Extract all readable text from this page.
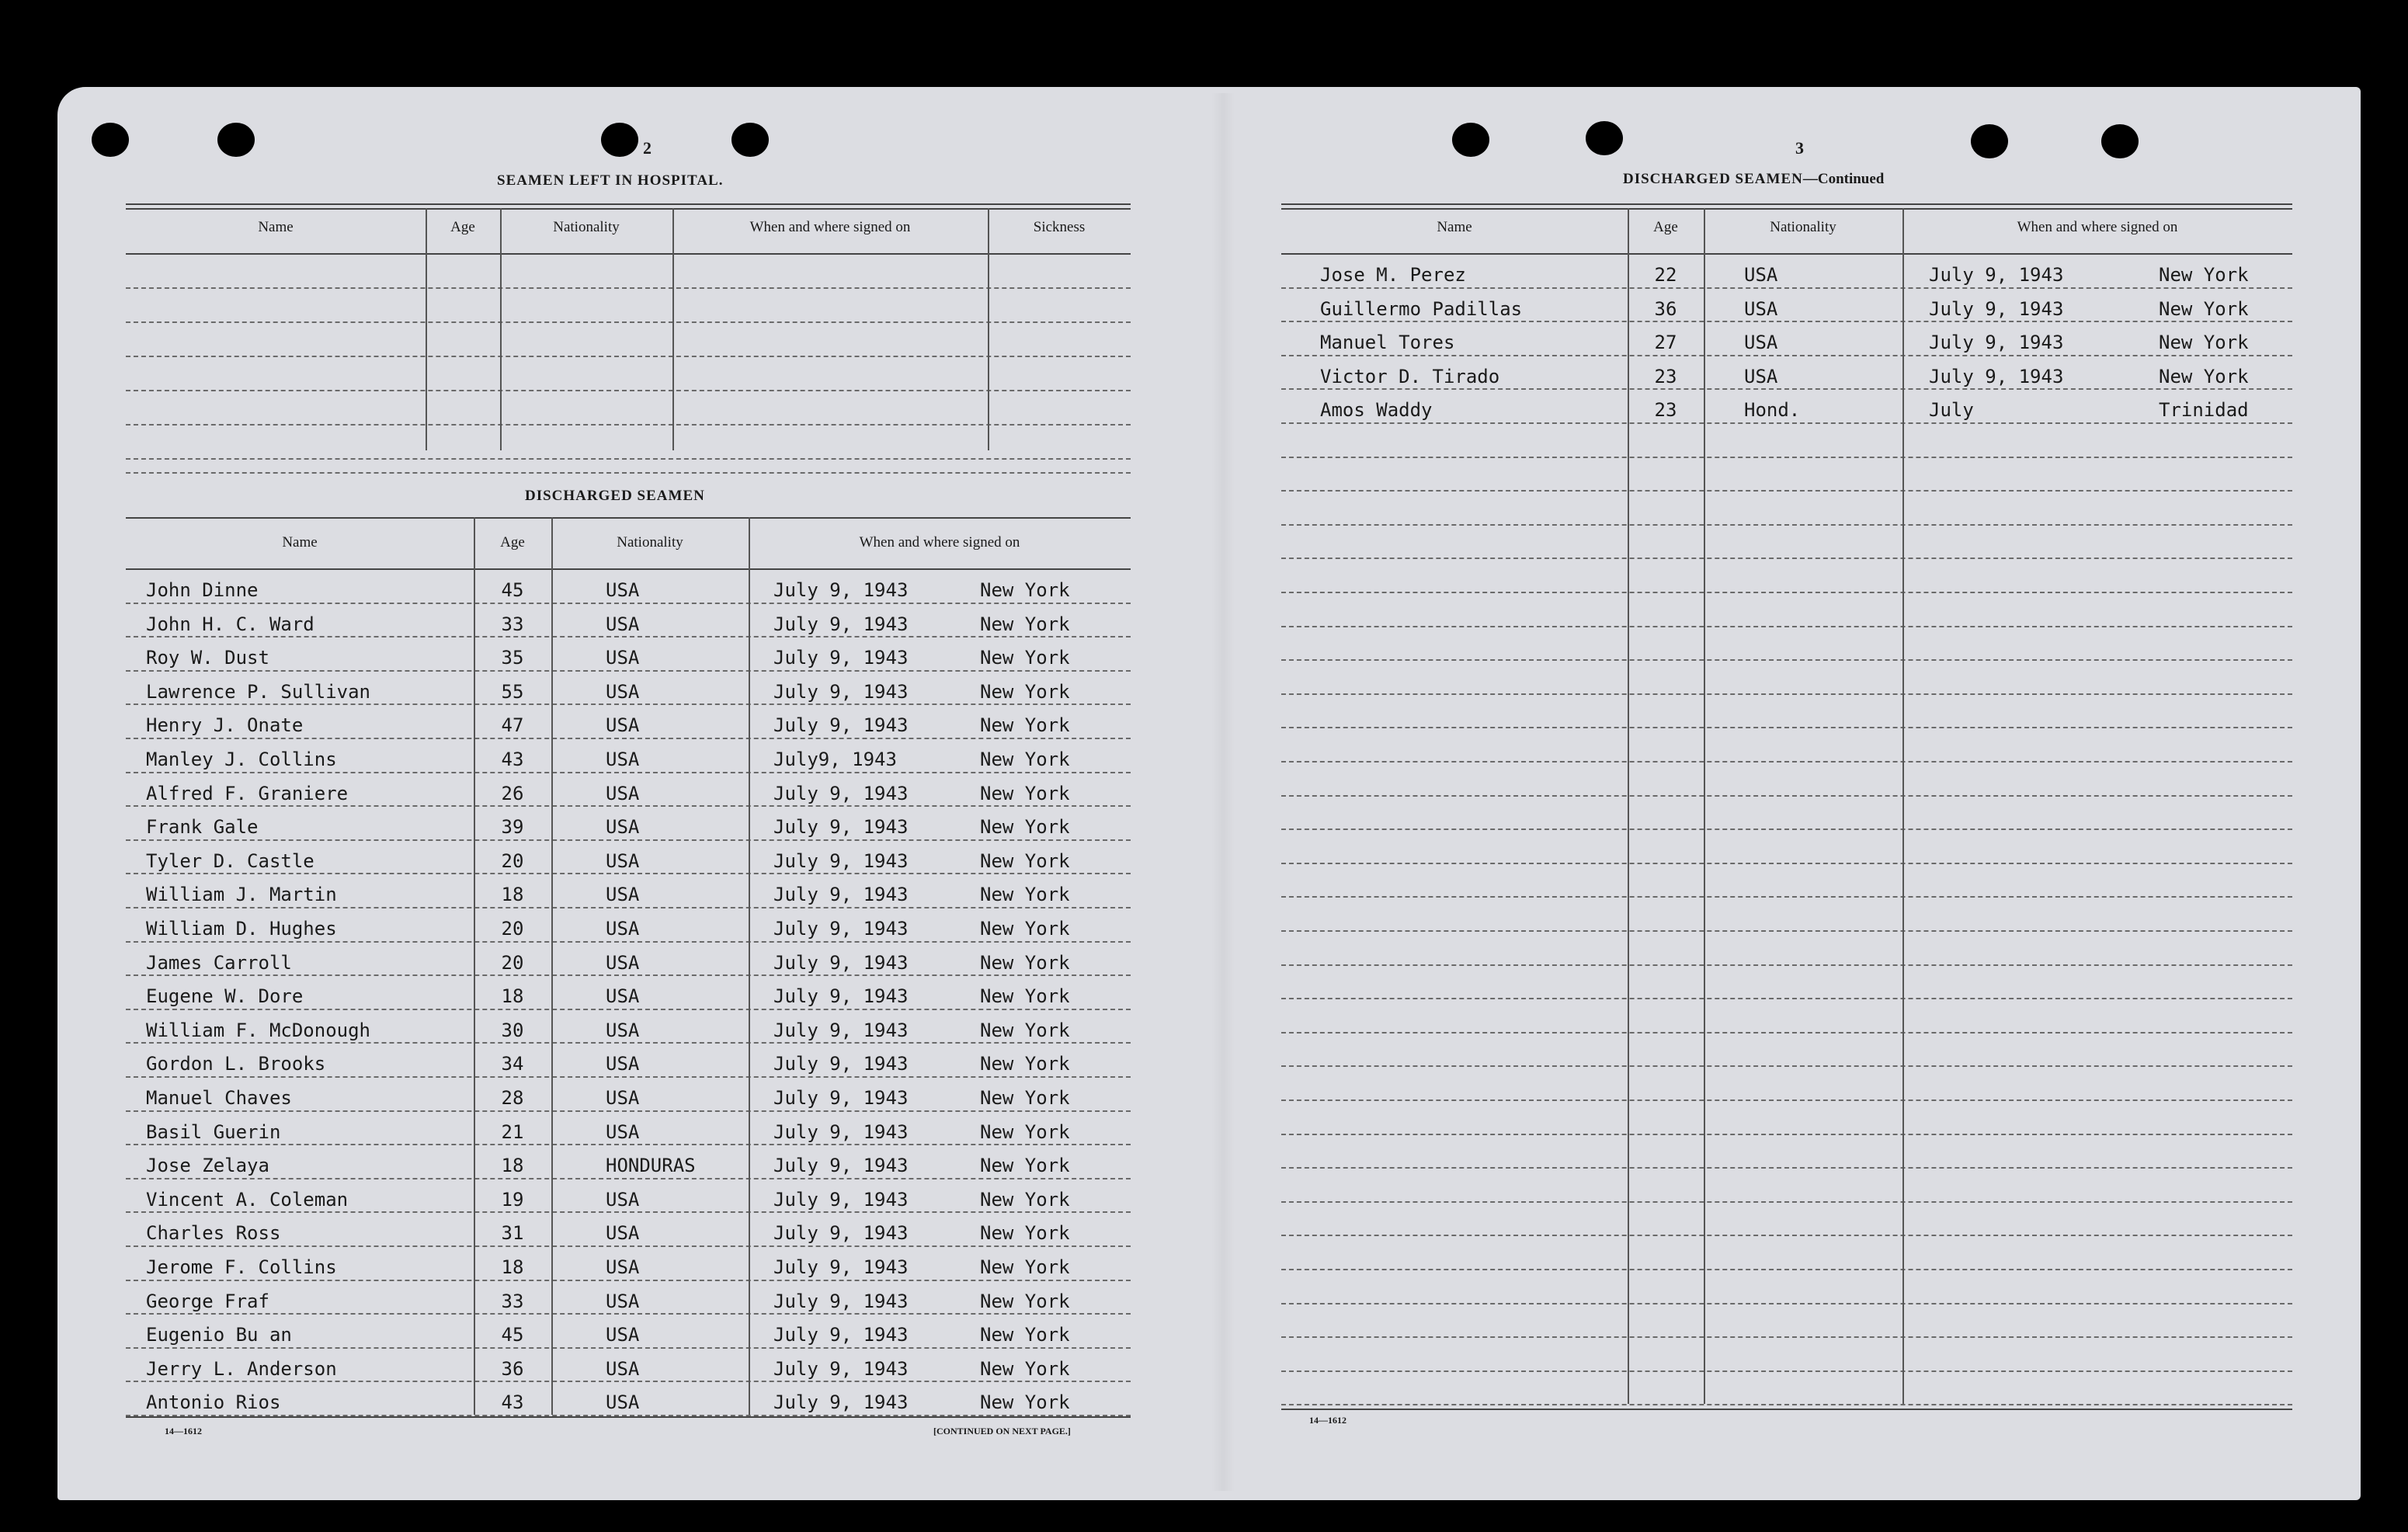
2
SEAMEN LEFT IN HOSPITAL.
Name	Age	Nationality	When and where signed on	Sickness
DISCHARGED SEAMEN
Name	Age	Nationality	When and where signed on
John Dinne	45	USA	July 9, 1943	New York
John H. C. Ward	33	USA	July 9, 1943	New York
Roy W. Dust	35	USA	July 9, 1943	New York
Lawrence P. Sullivan	55	USA	July 9, 1943	New York
Henry J. Onate	47	USA	July 9, 1943	New York
Manley J. Collins	43	USA	July9, 1943	New York
Alfred F. Graniere	26	USA	July 9, 1943	New York
Frank Gale	39	USA	July 9, 1943	New York
Tyler D. Castle	20	USA	July 9, 1943	New York
William J. Martin	18	USA	July 9, 1943	New York
William D. Hughes	20	USA	July 9, 1943	New York
James Carroll	20	USA	July 9, 1943	New York
Eugene W. Dore	18	USA	July 9, 1943	New York
William F. McDonough	30	USA	July 9, 1943	New York
Gordon L. Brooks	34	USA	July 9, 1943	New York
Manuel Chaves	28	USA	July 9, 1943	New York
Basil Guerin	21	USA	July 9, 1943	New York
Jose Zelaya	18	HONDURAS	July 9, 1943	New York
Vincent A. Coleman	19	USA	July 9, 1943	New York
Charles Ross	31	USA	July 9, 1943	New York
Jerome F. Collins	18	USA	July 9, 1943	New York
George Fraf	33	USA	July 9, 1943	New York
Eugenio Bu an	45	USA	July 9, 1943	New York
Jerry L. Anderson	36	USA	July 9, 1943	New York
Antonio Rios	43	USA	July 9, 1943	New York
14—1612	[CONTINUED ON NEXT PAGE.]
3
DISCHARGED SEAMEN—Continued
Name	Age	Nationality	When and where signed on
Jose M. Perez	22	USA	July 9, 1943	New York
Guillermo Padillas	36	USA	July 9, 1943	New York
Manuel Tores	27	USA	July 9, 1943	New York
Victor D. Tirado	23	USA	July 9, 1943	New York
Amos Waddy	23	Hond.	July	Trinidad
14—1612
